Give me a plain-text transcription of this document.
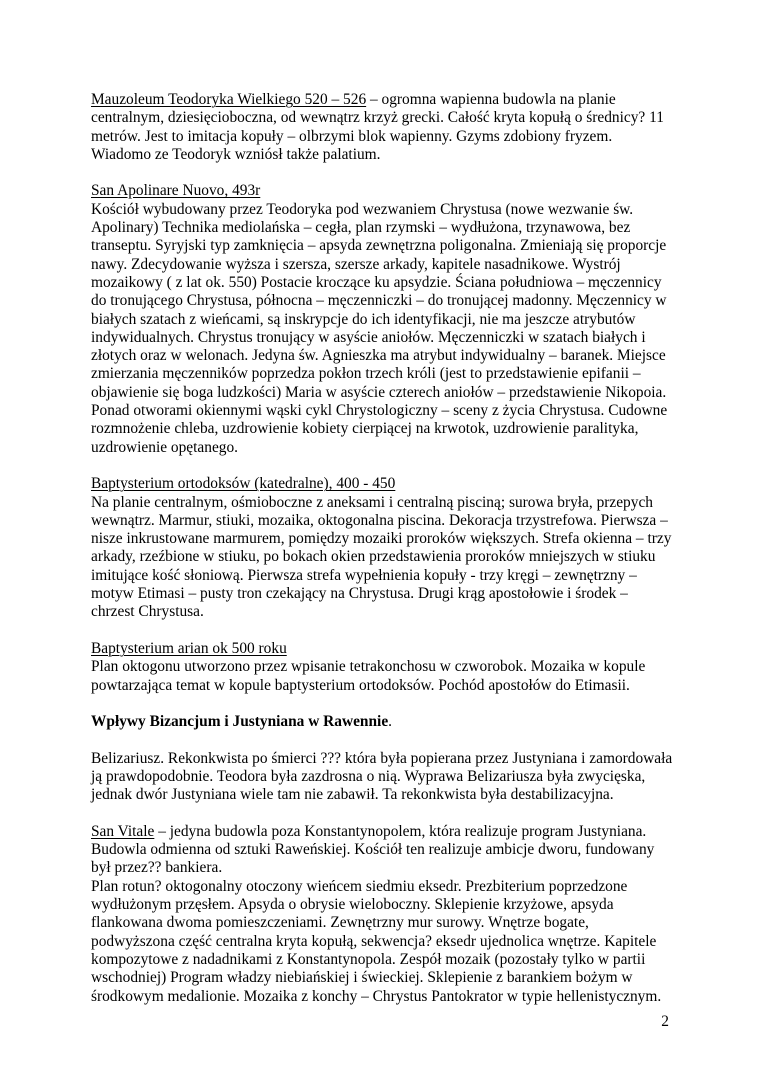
Mauzoleum Teodoryka Wielkiego 520 – 526 – ogromna wapienna budowla na planie
centralnym, dziesięcioboczna, od wewnątrz krzyż grecki. Całość kryta kopułą o średnicy? 11
metrów. Jest to imitacja kopuły – olbrzymi blok wapienny. Gzyms zdobiony fryzem.
Wiadomo ze Teodoryk wzniósł także palatium.
San Apolinare Nuovo, 493r
Kościół wybudowany przez Teodoryka pod wezwaniem Chrystusa (nowe wezwanie św.
Apolinary) Technika mediolańska – cegła, plan rzymski – wydłużona, trzynawowa, bez
transeptu. Syryjski typ zamknięcia – apsyda zewnętrzna poligonalna. Zmieniają się proporcje
nawy. Zdecydowanie wyższa i szersza, szersze arkady, kapitele nasadnikowe. Wystrój
mozaikowy ( z lat ok. 550) Postacie kroczące ku apsydzie. Ściana południowa – męczennicy
do tronującego Chrystusa, północna – męczenniczki – do tronującej madonny. Męczennicy w
białych szatach z wieńcami, są inskrypcje do ich identyfikacji, nie ma jeszcze atrybutów
indywidualnych. Chrystus tronujący w asyście aniołów. Męczenniczki w szatach białych i
złotych oraz w welonach. Jedyna św. Agnieszka ma atrybut indywidualny – baranek. Miejsce
zmierzania męczenników poprzedza pokłon trzech króli (jest to przedstawienie epifanii –
objawienie się boga ludzkości) Maria w asyście czterech aniołów – przedstawienie Nikopoia.
Ponad otworami okiennymi wąski cykl Chrystologiczny – sceny z życia Chrystusa. Cudowne
rozmnożenie chleba, uzdrowienie kobiety cierpiącej na krwotok, uzdrowienie paralityka,
uzdrowienie opętanego.
Baptysterium ortodoksów (katedralne), 400 - 450
Na planie centralnym, ośmioboczne z aneksami i centralną pisciną; surowa bryła, przepych
wewnątrz. Marmur, stiuki, mozaika, oktogonalna piscina. Dekoracja trzystrefowa. Pierwsza –
nisze inkrustowane marmurem, pomiędzy mozaiki proroków większych. Strefa okienna – trzy
arkady, rzeźbione w stiuku, po bokach okien przedstawienia proroków mniejszych w stiuku
imitujące kość słoniową. Pierwsza strefa wypełnienia kopuły - trzy kręgi – zewnętrzny –
motyw Etimasi – pusty tron czekający na Chrystusa. Drugi krąg apostołowie i środek –
chrzest Chrystusa.
Baptysterium arian ok 500 roku
Plan oktogonu utworzono przez wpisanie tetrakonchosu w czworobok. Mozaika w kopule
powtarzająca temat w kopule baptysterium ortodoksów. Pochód apostołów do Etimasii.
Wpływy Bizancjum i Justyniana w Rawennie.
Belizariusz. Rekonkwista po śmierci ??? która była popierana przez Justyniana i zamordowała
ją prawdopodobnie. Teodora była zazdrosna o nią. Wyprawa Belizariusza była zwycięska,
jednak dwór Justyniana wiele tam nie zabawił. Ta rekonkwista była destabilizacyjna.
San Vitale – jedyna budowla poza Konstantynopolem, która realizuje program Justyniana.
Budowla odmienna od sztuki Raweńskiej. Kościół ten realizuje ambicje dworu, fundowany
był przez?? bankiera.
Plan rotun? oktogonalny otoczony wieńcem siedmiu eksedr. Prezbiterium poprzedzone
wydłużonym przęsłem. Apsyda o obrysie wieloboczny. Sklepienie krzyżowe, apsyda
flankowana dwoma pomieszczeniami. Zewnętrzny mur surowy. Wnętrze bogate,
podwyższona część centralna kryta kopułą, sekwencja? eksedr ujednolica wnętrze. Kapitele
kompozytowe z nadadnikami z Konstantynopola. Zespół mozaik (pozostały tylko w partii
wschodniej) Program władzy niebiańskiej i świeckiej. Sklepienie z barankiem bożym w
środkowym medalionie. Mozaika z konchy – Chrystus Pantokrator w typie hellenistycznym.
2
